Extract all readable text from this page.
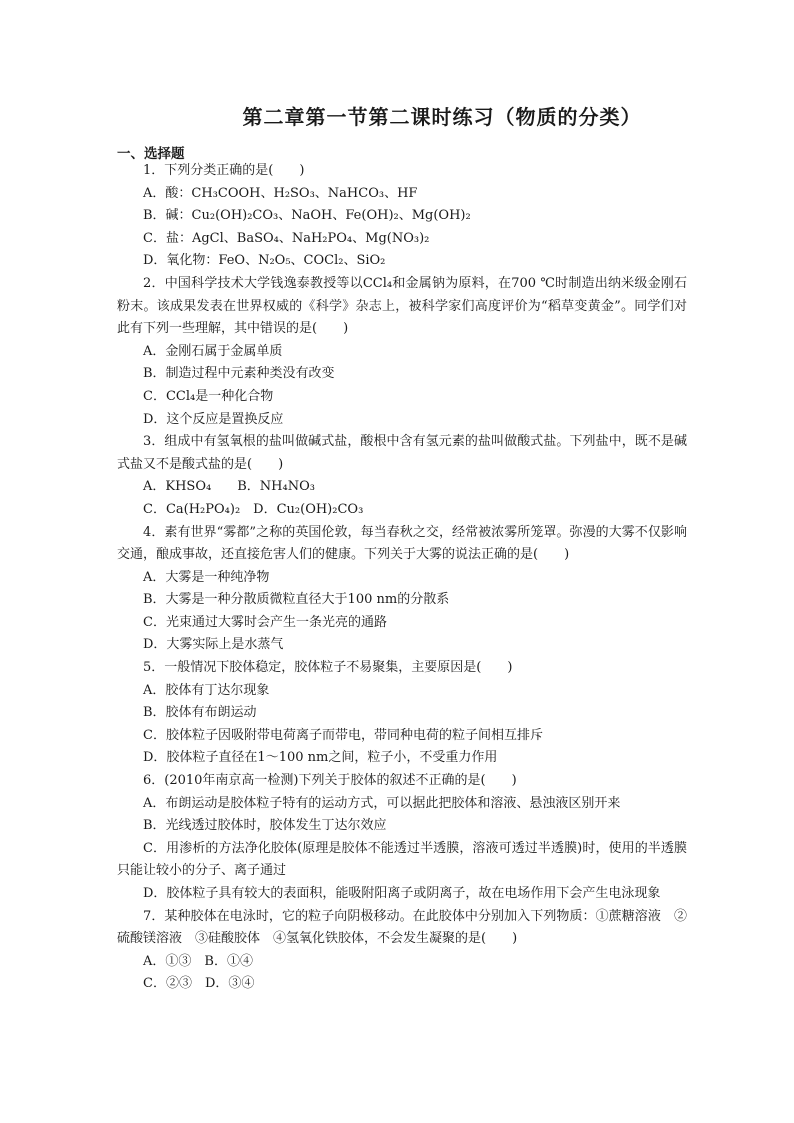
第二章第一节第二课时练习（物质的分类）
一、选择题

1．下列分类正确的是(　　)

A．酸：CH₃COOH、H₂SO₃、NaHCO₃、HF

B．碱：Cu₂(OH)₂CO₃、NaOH、Fe(OH)₂、Mg(OH)₂

C．盐：AgCl、BaSO₄、NaH₂PO₄、Mg(NO₃)₂

D．氧化物：FeO、N₂O₅、COCl₂、SiO₂

2．中国科学技术大学钱逸泰教授等以CCl₄和金属钠为原料，在700 ℃时制造出纳米级金刚石粉末。该成果发表在世界权威的《科学》杂志上，被科学家们高度评价为“稻草变黄金”。同学们对此有下列一些理解，其中错误的是(　　)

A．金刚石属于金属单质

B．制造过程中元素种类没有改变

C．CCl₄是一种化合物

D．这个反应是置换反应

3．组成中有氢氧根的盐叫做碱式盐，酸根中含有氢元素的盐叫做酸式盐。下列盐中，既不是碱式盐又不是酸式盐的是(　　)

A．KHSO₄　　B．NH₄NO₃

C．Ca(H₂PO₄)₂　D．Cu₂(OH)₂CO₃

4．素有世界“雾都”之称的英国伦敦，每当春秋之交，经常被浓雾所笼罩。弥漫的大雾不仅影响交通，酿成事故，还直接危害人们的健康。下列关于大雾的说法正确的是(　　)

A．大雾是一种纯净物

B．大雾是一种分散质微粒直径大于100 nm的分散系

C．光束通过大雾时会产生一条光亮的通路

D．大雾实际上是水蒸气

5．一般情况下胶体稳定，胶体粒子不易聚集，主要原因是(　　)

A．胶体有丁达尔现象

B．胶体有布朗运动

C．胶体粒子因吸附带电荷离子而带电，带同种电荷的粒子间相互排斥

D．胶体粒子直径在1～100 nm之间，粒子小，不受重力作用

6．(2010年南京高一检测)下列关于胶体的叙述不正确的是(　　)

A．布朗运动是胶体粒子特有的运动方式，可以据此把胶体和溶液、悬浊液区别开来

B．光线透过胶体时，胶体发生丁达尔效应

C．用渗析的方法净化胶体(原理是胶体不能透过半透膜，溶液可透过半透膜)时，使用的半透膜只能让较小的分子、离子通过

D．胶体粒子具有较大的表面积，能吸附阳离子或阴离子，故在电场作用下会产生电泳现象

7．某种胶体在电泳时，它的粒子向阴极移动。在此胶体中分别加入下列物质：①蔗糖溶液　②硫酸镁溶液　③硅酸胶体　④氢氧化铁胶体，不会发生凝聚的是(　　)

A．①③　B．①④

C．②③　D．③④
